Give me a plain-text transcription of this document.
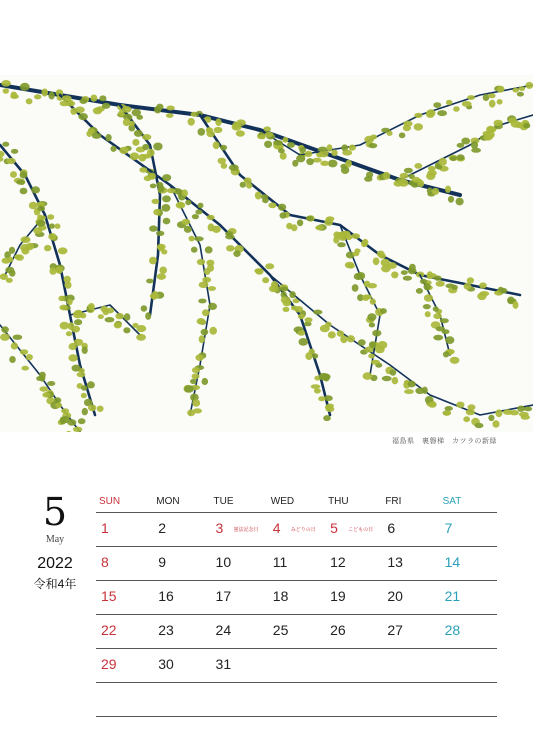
福島県　裏磐梯　カツラの新緑
5
May
2022
令和4年
SUN	MON	TUE	WED	THU	FRI	SAT
1	2	3 憲法記念日	4 みどりの日	5 こどもの日	6	7
8	9	10	11	12	13	14
15	16	17	18	19	20	21
22	23	24	25	26	27	28
29	30	31
